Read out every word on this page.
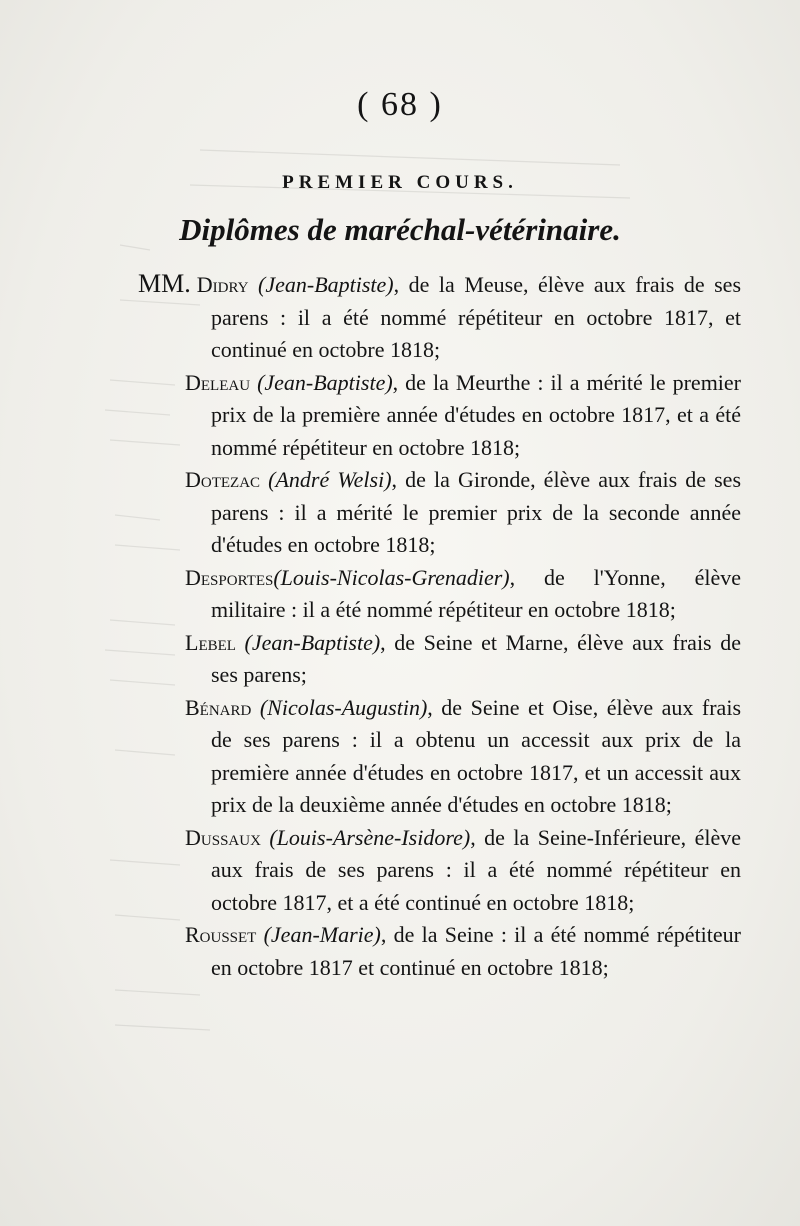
( 68 )
PREMIER COURS.
Diplômes de maréchal-vétérinaire.

MM. Didry (Jean-Baptiste), de la Meuse, élève aux frais de ses parens : il a été nommé répétiteur en octobre 1817, et continué en octobre 1818;

Deleau (Jean-Baptiste), de la Meurthe : il a mérité le premier prix de la première année d'études en octobre 1817, et a été nommé répétiteur en octobre 1818;

Dotezac (André Welsi), de la Gironde, élève aux frais de ses parens : il a mérité le premier prix de la seconde année d'études en octobre 1818;

Desportes(Louis-Nicolas-Grenadier), de l'Yonne, élève militaire : il a été nommé répétiteur en octobre 1818;

Lebel (Jean-Baptiste), de Seine et Marne, élève aux frais de ses parens;

Bénard (Nicolas-Augustin), de Seine et Oise, élève aux frais de ses parens : il a obtenu un accessit aux prix de la première année d'études en octobre 1817, et un accessit aux prix de la deuxième année d'études en octobre 1818;

Dussaux (Louis-Arsène-Isidore), de la Seine-Inférieure, élève aux frais de ses parens : il a été nommé répétiteur en octobre 1817, et a été continué en octobre 1818;

Rousset (Jean-Marie), de la Seine : il a été nommé répétiteur en octobre 1817 et continué en octobre 1818;
